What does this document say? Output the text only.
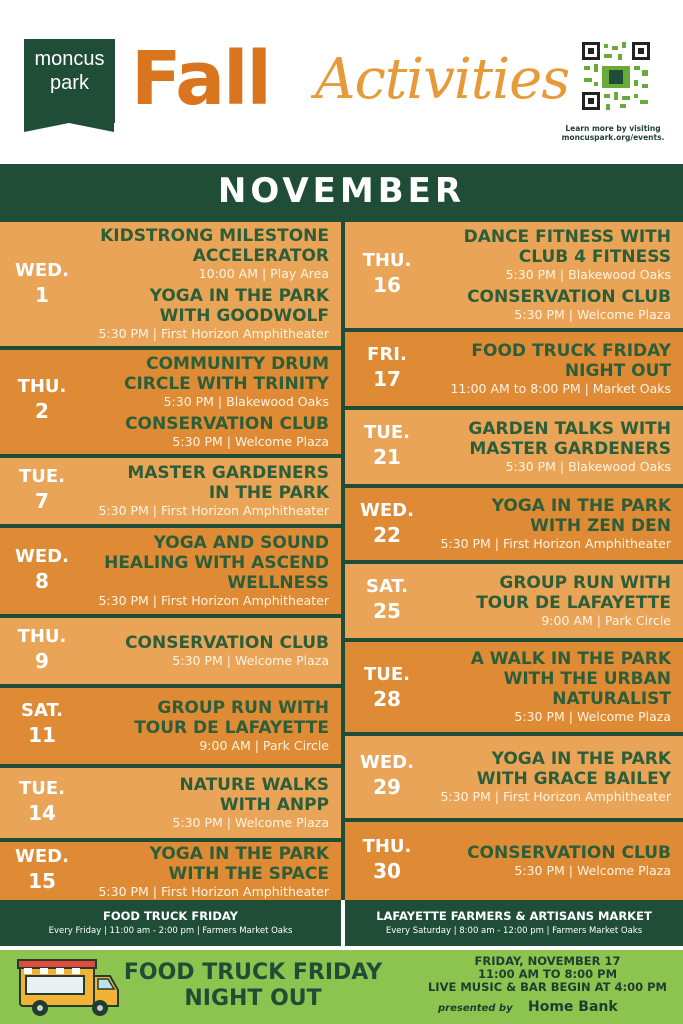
moncus
park Fall Activities
Learn more by visiting
moncuspark.org/events.
NOVEMBER
WED.
1
KIDSTRONG MILESTONE
ACCELERATOR
10:00 AM | Play Area
YOGA IN THE PARK
WITH GOODWOLF
5:30 PM | First Horizon Amphitheater
THU.
2
COMMUNITY DRUM
CIRCLE WITH TRINITY
5:30 PM | Blakewood Oaks
CONSERVATION CLUB
5:30 PM | Welcome Plaza
TUE.
7
MASTER GARDENERS
IN THE PARK
5:30 PM | First Horizon Amphitheater
WED.
8
YOGA AND SOUND
HEALING WITH ASCEND
WELLNESS
5:30 PM | First Horizon Amphitheater
THU.
9
CONSERVATION CLUB
5:30 PM | Welcome Plaza
SAT.
11
GROUP RUN WITH
TOUR DE LAFAYETTE
9:00 AM | Park Circle
TUE.
14
NATURE WALKS
WITH ANPP
5:30 PM | Welcome Plaza
WED.
15
YOGA IN THE PARK
WITH THE SPACE
5:30 PM | First Horizon Amphitheater
THU.
16
DANCE FITNESS WITH
CLUB 4 FITNESS
5:30 PM | Blakewood Oaks
CONSERVATION CLUB
5:30 PM | Welcome Plaza
FRI.
17
FOOD TRUCK FRIDAY
NIGHT OUT
11:00 AM to 8:00 PM | Market Oaks
TUE.
21
GARDEN TALKS WITH
MASTER GARDENERS
5:30 PM | Blakewood Oaks
WED.
22
YOGA IN THE PARK
WITH ZEN DEN
5:30 PM | First Horizon Amphitheater
SAT.
25
GROUP RUN WITH
TOUR DE LAFAYETTE
9:00 AM | Park Circle
TUE.
28
A WALK IN THE PARK
WITH THE URBAN
NATURALIST
5:30 PM | Welcome Plaza
WED.
29
YOGA IN THE PARK
WITH GRACE BAILEY
5:30 PM | First Horizon Amphitheater
THU.
30
CONSERVATION CLUB
5:30 PM | Welcome Plaza
FOOD TRUCK FRIDAY
Every Friday | 11:00 am - 2:00 pm | Farmers Market Oaks
LAFAYETTE FARMERS & ARTISANS MARKET
Every Saturday | 8:00 am - 12:00 pm | Farmers Market Oaks
FOOD TRUCK FRIDAY
NIGHT OUT
FRIDAY, NOVEMBER 17
11:00 AM TO 8:00 PM
LIVE MUSIC & BAR BEGIN AT 4:00 PM
presented by Home Bank
